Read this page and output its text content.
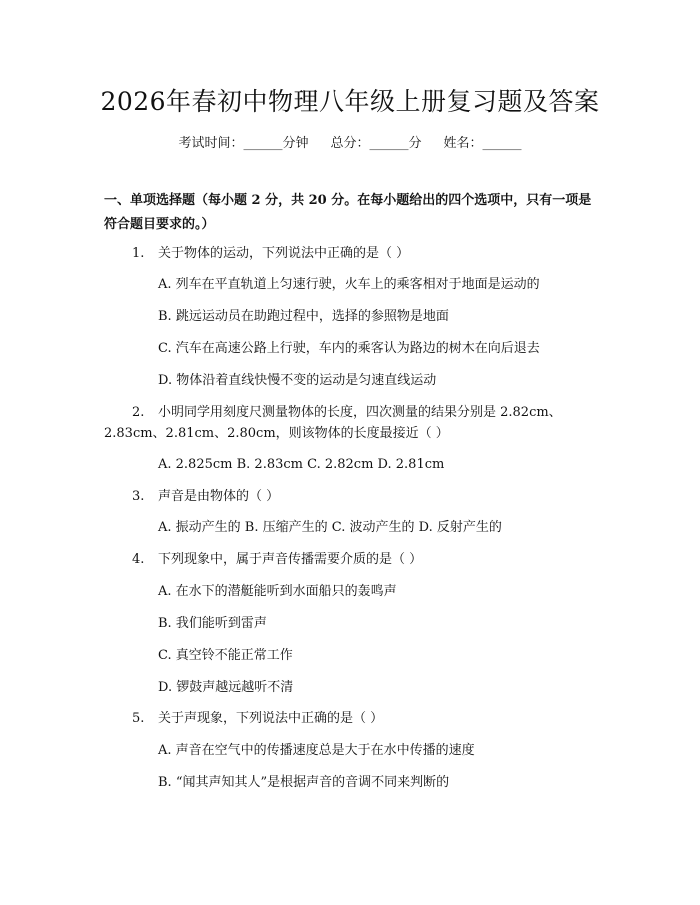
2026年春初中物理八年级上册复习题及答案
考试时间：______分钟 总分：______分 姓名：______
一、单项选择题（每小题 2 分，共 20 分。在每小题给出的四个选项中，只有一项是符合题目要求的。）
1. 关于物体的运动，下列说法中正确的是（ ）
A. 列车在平直轨道上匀速行驶，火车上的乘客相对于地面是运动的
B. 跳远运动员在助跑过程中，选择的参照物是地面
C. 汽车在高速公路上行驶，车内的乘客认为路边的树木在向后退去
D. 物体沿着直线快慢不变的运动是匀速直线运动
2. 小明同学用刻度尺测量物体的长度，四次测量的结果分别是 2.82cm、
2.83cm、2.81cm、2.80cm，则该物体的长度最接近（ ）
A. 2.825cm B. 2.83cm C. 2.82cm D. 2.81cm
3. 声音是由物体的（ ）
A. 振动产生的 B. 压缩产生的 C. 波动产生的 D. 反射产生的
4. 下列现象中，属于声音传播需要介质的是（ ）
A. 在水下的潜艇能听到水面船只的轰鸣声
B. 我们能听到雷声
C. 真空铃不能正常工作
D. 锣鼓声越远越听不清
5. 关于声现象，下列说法中正确的是（ ）
A. 声音在空气中的传播速度总是大于在水中传播的速度
B. “闻其声知其人”是根据声音的音调不同来判断的
